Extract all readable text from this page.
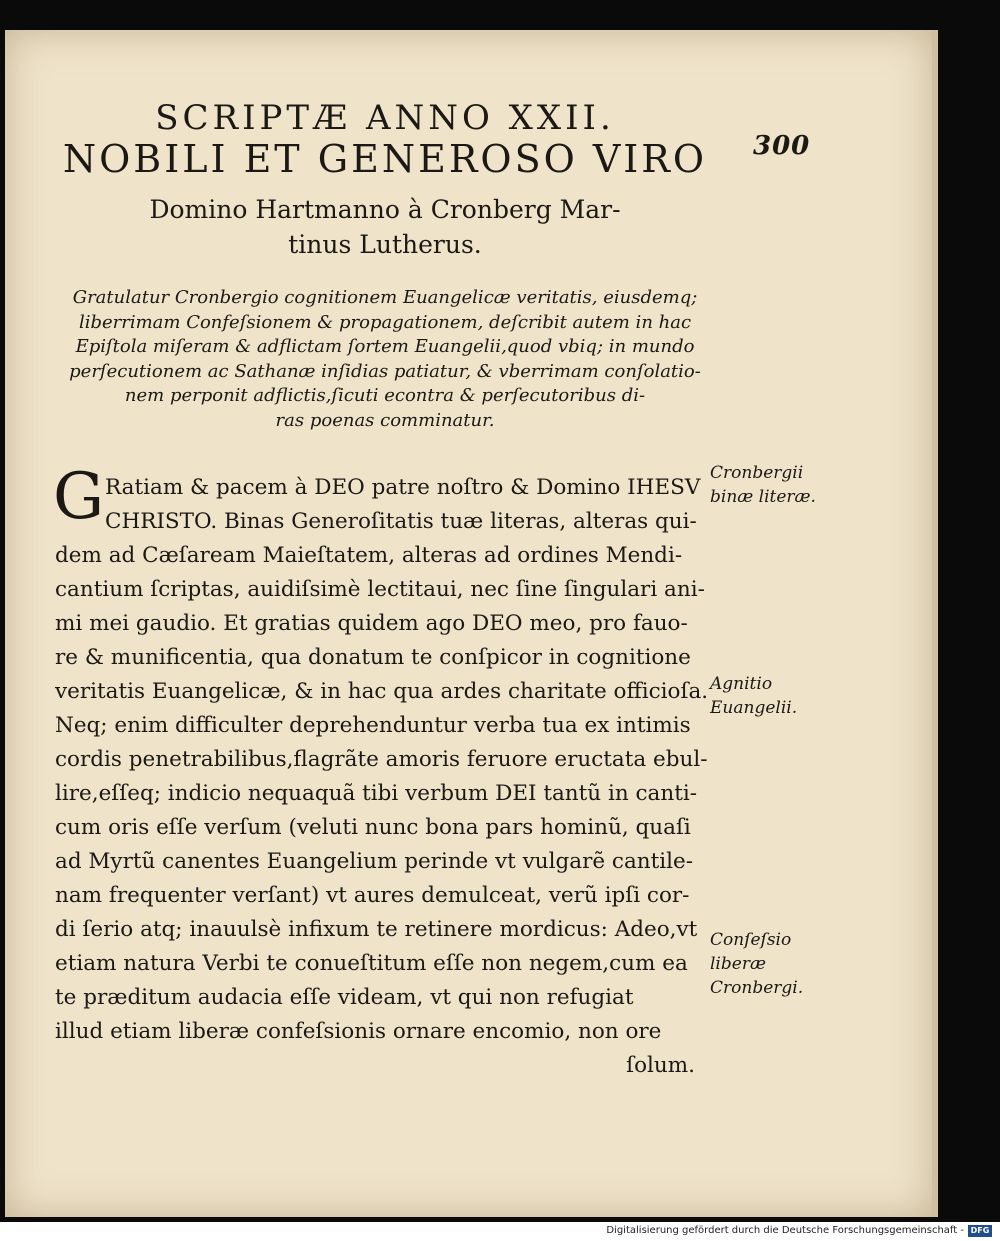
SCRIPTÆ ANNO XXII.
NOBILI ET GENEROSO VIRO	300
Domino Hartmanno à Cronberg Mar-
tinus Lutherus.
Gratulatur Cronbergio cognitionem Euangelicæ veritatis, eiusdemq;
liberrimam Confeſsionem & propagationem, deſcribit autem in hac
Epiſtola miſeram & adflictam ſortem Euangelii,quod vbiq; in mundo
perſecutionem ac Sathanæ inſidias patiatur, & vberrimam conſolatio-
nem perponit adflictis,ſicuti econtra & perſecutoribus di-
ras poenas comminatur.
G Ratiam & pacem à DEO patre noſtro & Domino IHESV
CHRISTO. Binas Generoſitatis tuæ literas, alteras qui-
dem ad Cæſaream Maieſtatem, alteras ad ordines Mendi-
cantium ſcriptas, auidiſsimè lectitaui, nec ſine ſingulari ani-
mi mei gaudio. Et gratias quidem ago DEO meo, pro fauo-
re & munificentia, qua donatum te conſpicor in cognitione
veritatis Euangelicæ, & in hac qua ardes charitate officioſa.
Neq; enim difficulter deprehenduntur verba tua ex intimis
cordis penetrabilibus,flagrãte amoris feruore eructata ebul-
lire,eſſeq; indicio nequaquã tibi verbum DEI tantũ in canti-
cum oris eſſe verſum (veluti nunc bona pars hominũ, quaſi
ad Myrtũ canentes Euangelium perinde vt vulgarẽ cantile-
nam frequenter verſant) vt aures demulceat, verũ ipſi cor-
di ſerio atq; inauulsè infixum te retinere mordicus: Adeo,vt
etiam natura Verbi te conueſtitum eſſe non negem,cum ea
te prӕditum audacia eſſe videam, vt qui non refugiat
illud etiam liberæ confeſsionis ornare encomio, non ore
ſolum.
Cronbergii
binæ literæ.
Agnitio
Euangelii.
Conſeſsio
liberæ
Cronbergi.
Digitalisierung gefördert durch die Deutsche Forschungsgemeinschaft - DFG
